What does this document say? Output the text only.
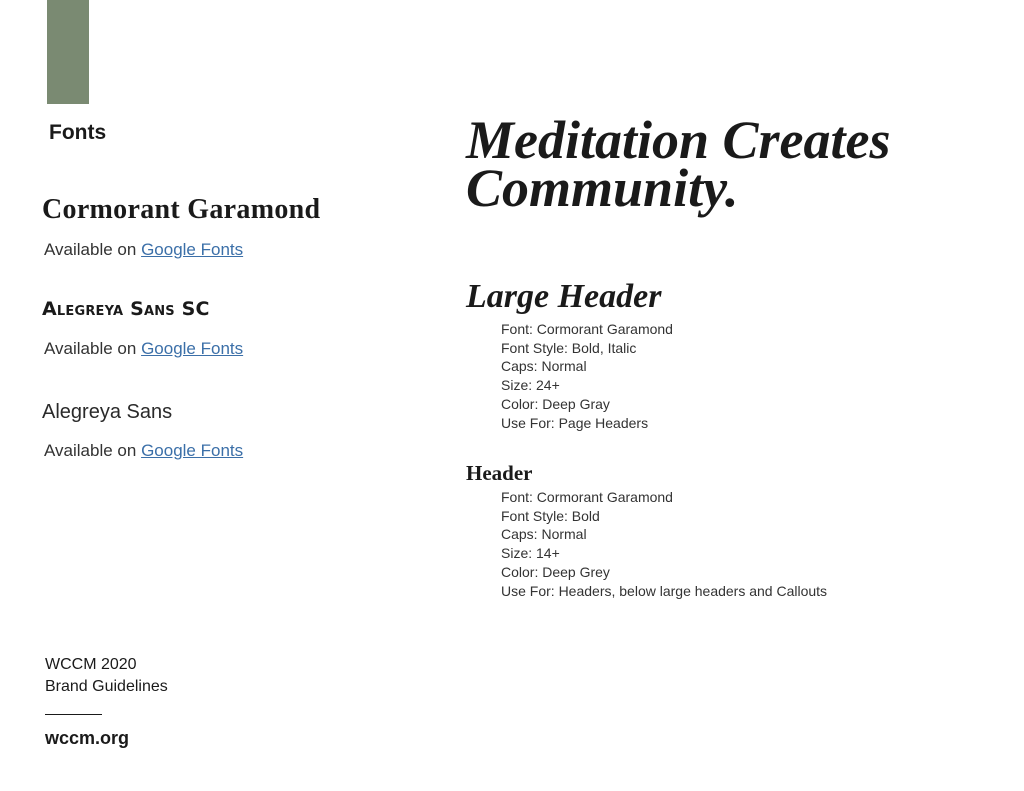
Fonts
Cormorant Garamond
Available on Google Fonts
Alegreya Sans SC
Available on Google Fonts
Alegreya Sans
Available on Google Fonts
Meditation Creates
Community.
Large Header
Font: Cormorant Garamond
Font Style: Bold, Italic
Caps: Normal
Size: 24+
Color: Deep Gray
Use For: Page Headers
Header
Font: Cormorant Garamond
Font Style: Bold
Caps: Normal
Size: 14+
Color: Deep Grey
Use For: Headers, below large headers and Callouts
WCCM 2020
Brand Guidelines
wccm.org
